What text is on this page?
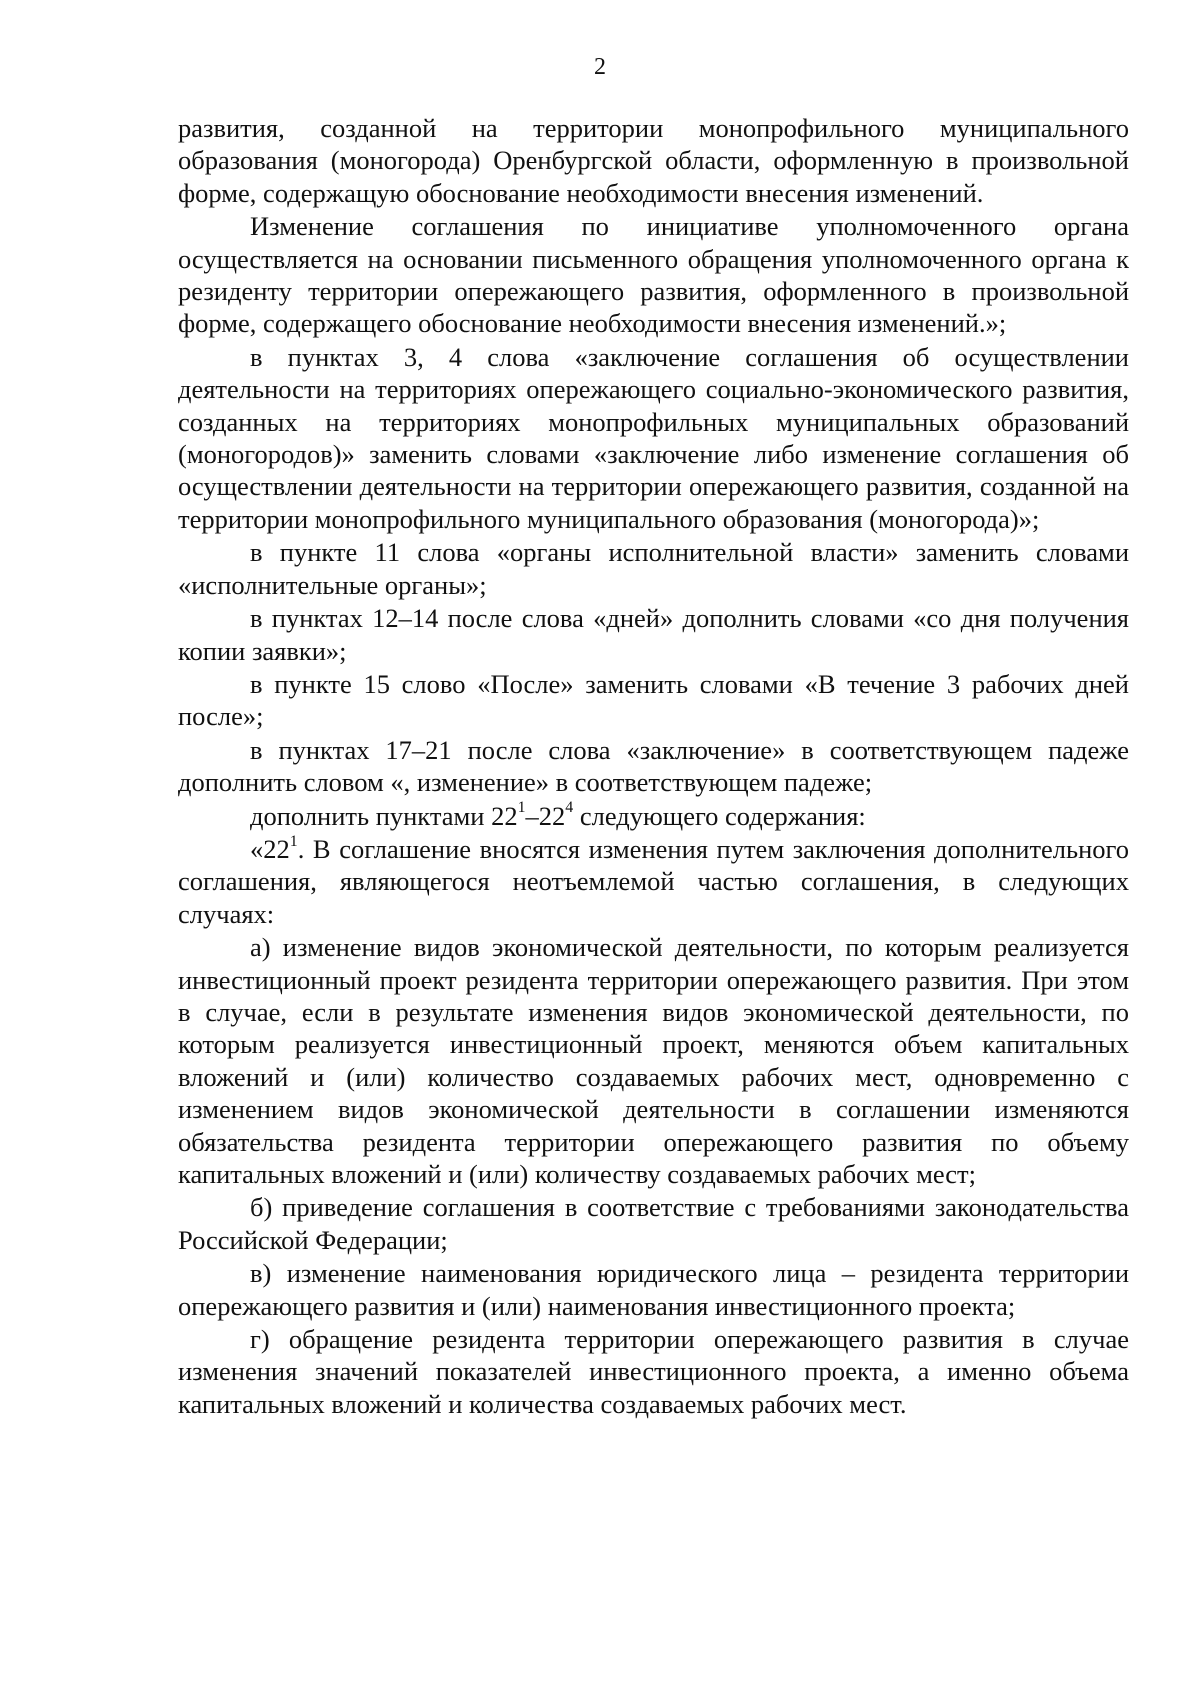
2

развития, созданной на территории монопрофильного муниципального образования (моногорода) Оренбургской области, оформленную в произвольной форме, содержащую обоснование необходимости внесения изменений.

Изменение соглашения по инициативе уполномоченного органа осуществляется на основании письменного обращения уполномоченного органа к резиденту территории опережающего развития, оформленного в произвольной форме, содержащего обоснование необходимости внесения изменений.»;

в пунктах 3, 4 слова «заключение соглашения об осуществлении деятельности на территориях опережающего социально-экономического развития, созданных на территориях монопрофильных муниципальных образований (моногородов)» заменить словами «заключение либо изменение соглашения об осуществлении деятельности на территории опережающего развития, созданной на территории монопрофильного муниципального образования (моногорода)»;

в пункте 11 слова «органы исполнительной власти» заменить словами «исполнительные органы»;

в пунктах 12–14 после слова «дней» дополнить словами «со дня получения копии заявки»;

в пункте 15 слово «После» заменить словами «В течение 3 рабочих дней после»;

в пунктах 17–21 после слова «заключение» в соответствующем падеже дополнить словом «, изменение» в соответствующем падеже;

дополнить пунктами $22^1-22^4$ следующего содержания:

«$22^1$. В соглашение вносятся изменения путем заключения дополнительного соглашения, являющегося неотъемлемой частью соглашения, в следующих случаях:

а) изменение видов экономической деятельности, по которым реализуется инвестиционный проект резидента территории опережающего развития. При этом в случае, если в результате изменения видов экономической деятельности, по которым реализуется инвестиционный проект, меняются объем капитальных вложений и (или) количество создаваемых рабочих мест, одновременно с изменением видов экономической деятельности в соглашении изменяются обязательства резидента территории опережающего развития по объему капитальных вложений и (или) количеству создаваемых рабочих мест;

б) приведение соглашения в соответствие с требованиями законодательства Российской Федерации;

в) изменение наименования юридического лица – резидента территории опережающего развития и (или) наименования инвестиционного проекта;

г) обращение резидента территории опережающего развития в случае изменения значений показателей инвестиционного проекта, а именно объема капитальных вложений и количества создаваемых рабочих мест.
